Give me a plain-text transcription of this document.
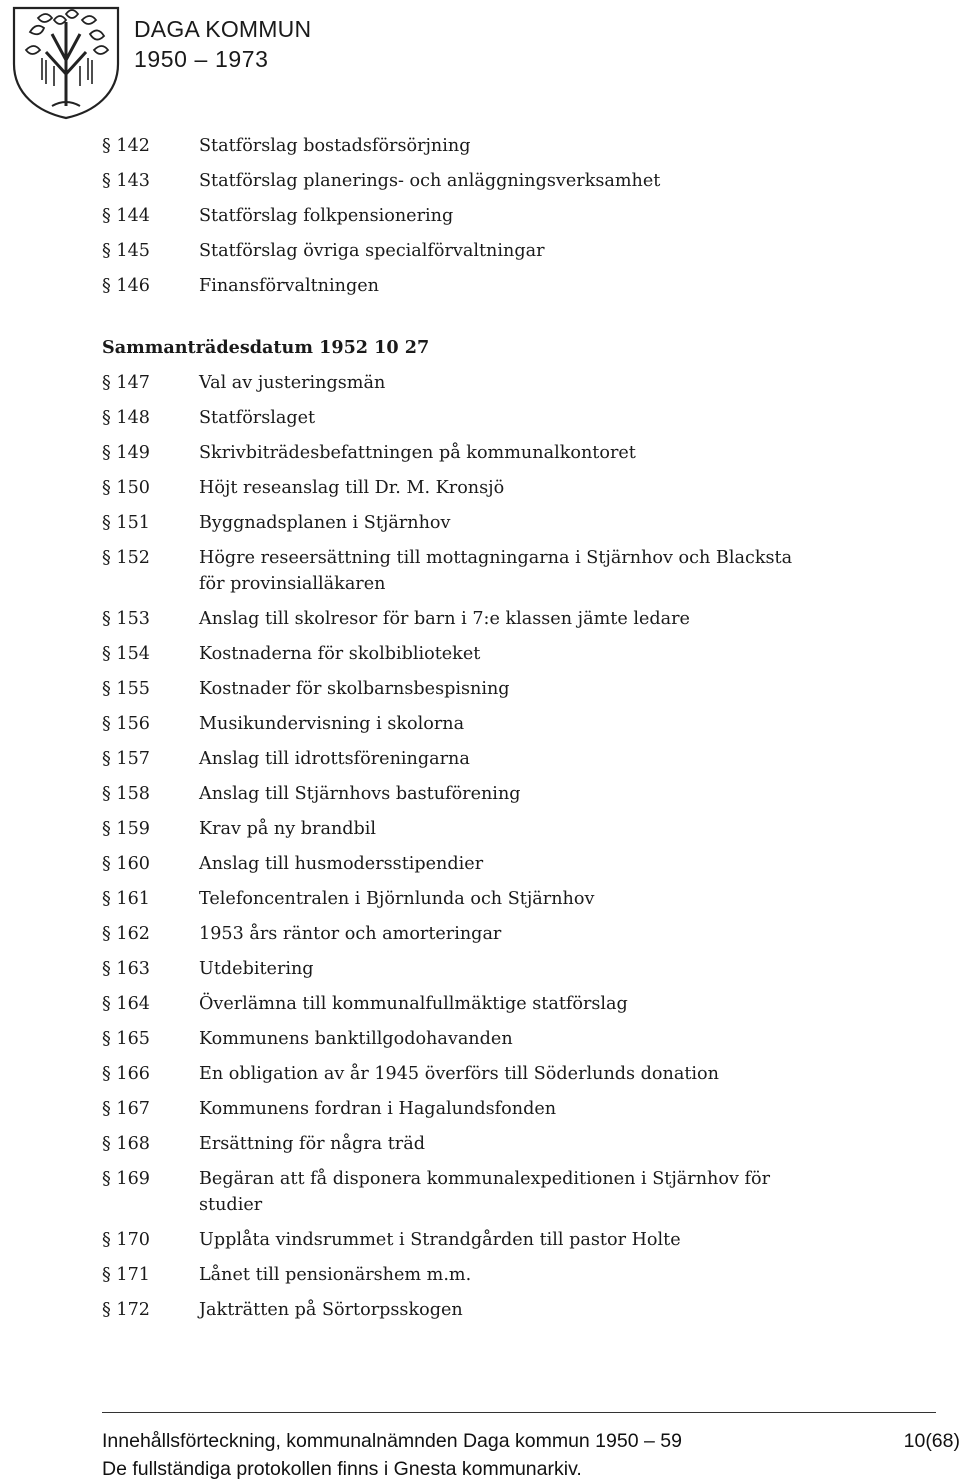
DAGA KOMMUN
1950 – 1973
§ 142	Statförslag bostadsförsörjning
§ 143	Statförslag planerings- och anläggningsverksamhet
§ 144	Statförslag folkpensionering
§ 145	Statförslag övriga specialförvaltningar
§ 146	Finansförvaltningen
Sammanträdesdatum 1952 10 27
§ 147	Val av justeringsmän
§ 148	Statförslaget
§ 149	Skrivbiträdesbefattningen på kommunalkontoret
§ 150	Höjt reseanslag till Dr. M. Kronsjö
§ 151	Byggnadsplanen i Stjärnhov
§ 152	Högre reseersättning till mottagningarna i Stjärnhov och Blacksta för provinsialläkaren
§ 153	Anslag till skolresor för barn i 7:e klassen jämte ledare
§ 154	Kostnaderna för skolbiblioteket
§ 155	Kostnader för skolbarnsbespisning
§ 156	Musikundervisning i skolorna
§ 157	Anslag till idrottsföreningarna
§ 158	Anslag till Stjärnhovs bastuförening
§ 159	Krav på ny brandbil
§ 160	Anslag till husmodersstipendier
§ 161	Telefoncentralen i Björnlunda och Stjärnhov
§ 162	1953 års räntor och amorteringar
§ 163	Utdebitering
§ 164	Överlämna till kommunalfullmäktige statförslag
§ 165	Kommunens banktillgodohavanden
§ 166	En obligation av år 1945 överförs till Söderlunds donation
§ 167	Kommunens fordran i Hagalundsfonden
§ 168	Ersättning för några träd
§ 169	Begäran att få disponera kommunalexpeditionen i Stjärnhov för studier
§ 170	Upplåta vindsrummet i Strandgården till pastor Holte
§ 171	Lånet till pensionärshem m.m.
§ 172	Jakträtten på Sörtorpsskogen
Innehållsförteckning, kommunalnämnden Daga kommun 1950 – 59	10(68)
De fullständiga protokollen finns i Gnesta kommunarkiv.
